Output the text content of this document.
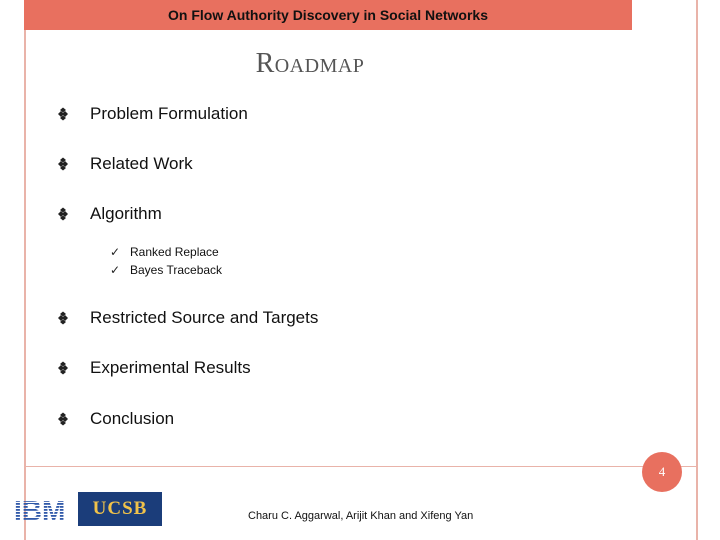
On Flow Authority Discovery in Social Networks
Roadmap
Problem Formulation
Related Work
Algorithm
✓ Ranked Replace
✓ Bayes Traceback
Restricted Source and Targets
Experimental Results
Conclusion
4
IBM UCSB	Charu C. Aggarwal, Arijit Khan and Xifeng Yan
